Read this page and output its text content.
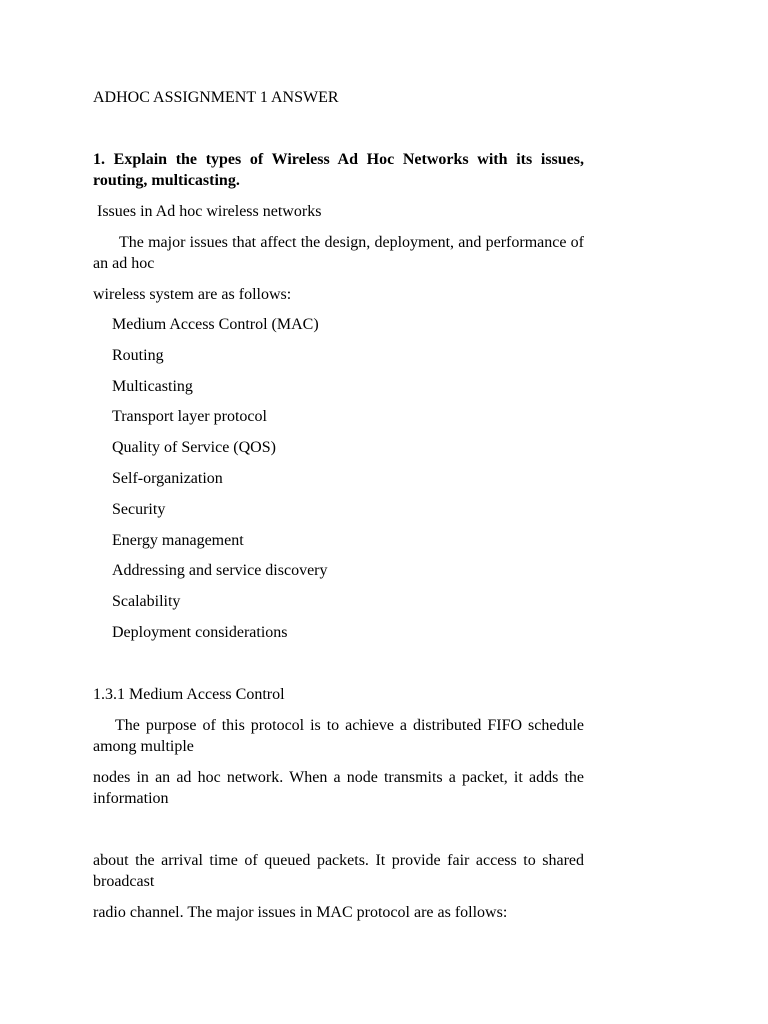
ADHOC ASSIGNMENT 1 ANSWER
1. Explain the types of Wireless Ad Hoc Networks with its issues, routing, multicasting.
Issues in Ad hoc wireless networks
The major issues that affect the design, deployment, and performance of an ad hoc
wireless system are as follows:
Medium Access Control (MAC)
Routing
Multicasting
Transport layer protocol
Quality of Service (QOS)
Self-organization
Security
Energy management
Addressing and service discovery
Scalability
Deployment considerations
1.3.1 Medium Access Control
The purpose of this protocol is to achieve a distributed FIFO schedule among multiple
nodes in an ad hoc network. When a node transmits a packet, it adds the information
about the arrival time of queued packets. It provide fair access to shared broadcast
radio channel. The major issues in MAC protocol are as follows:
